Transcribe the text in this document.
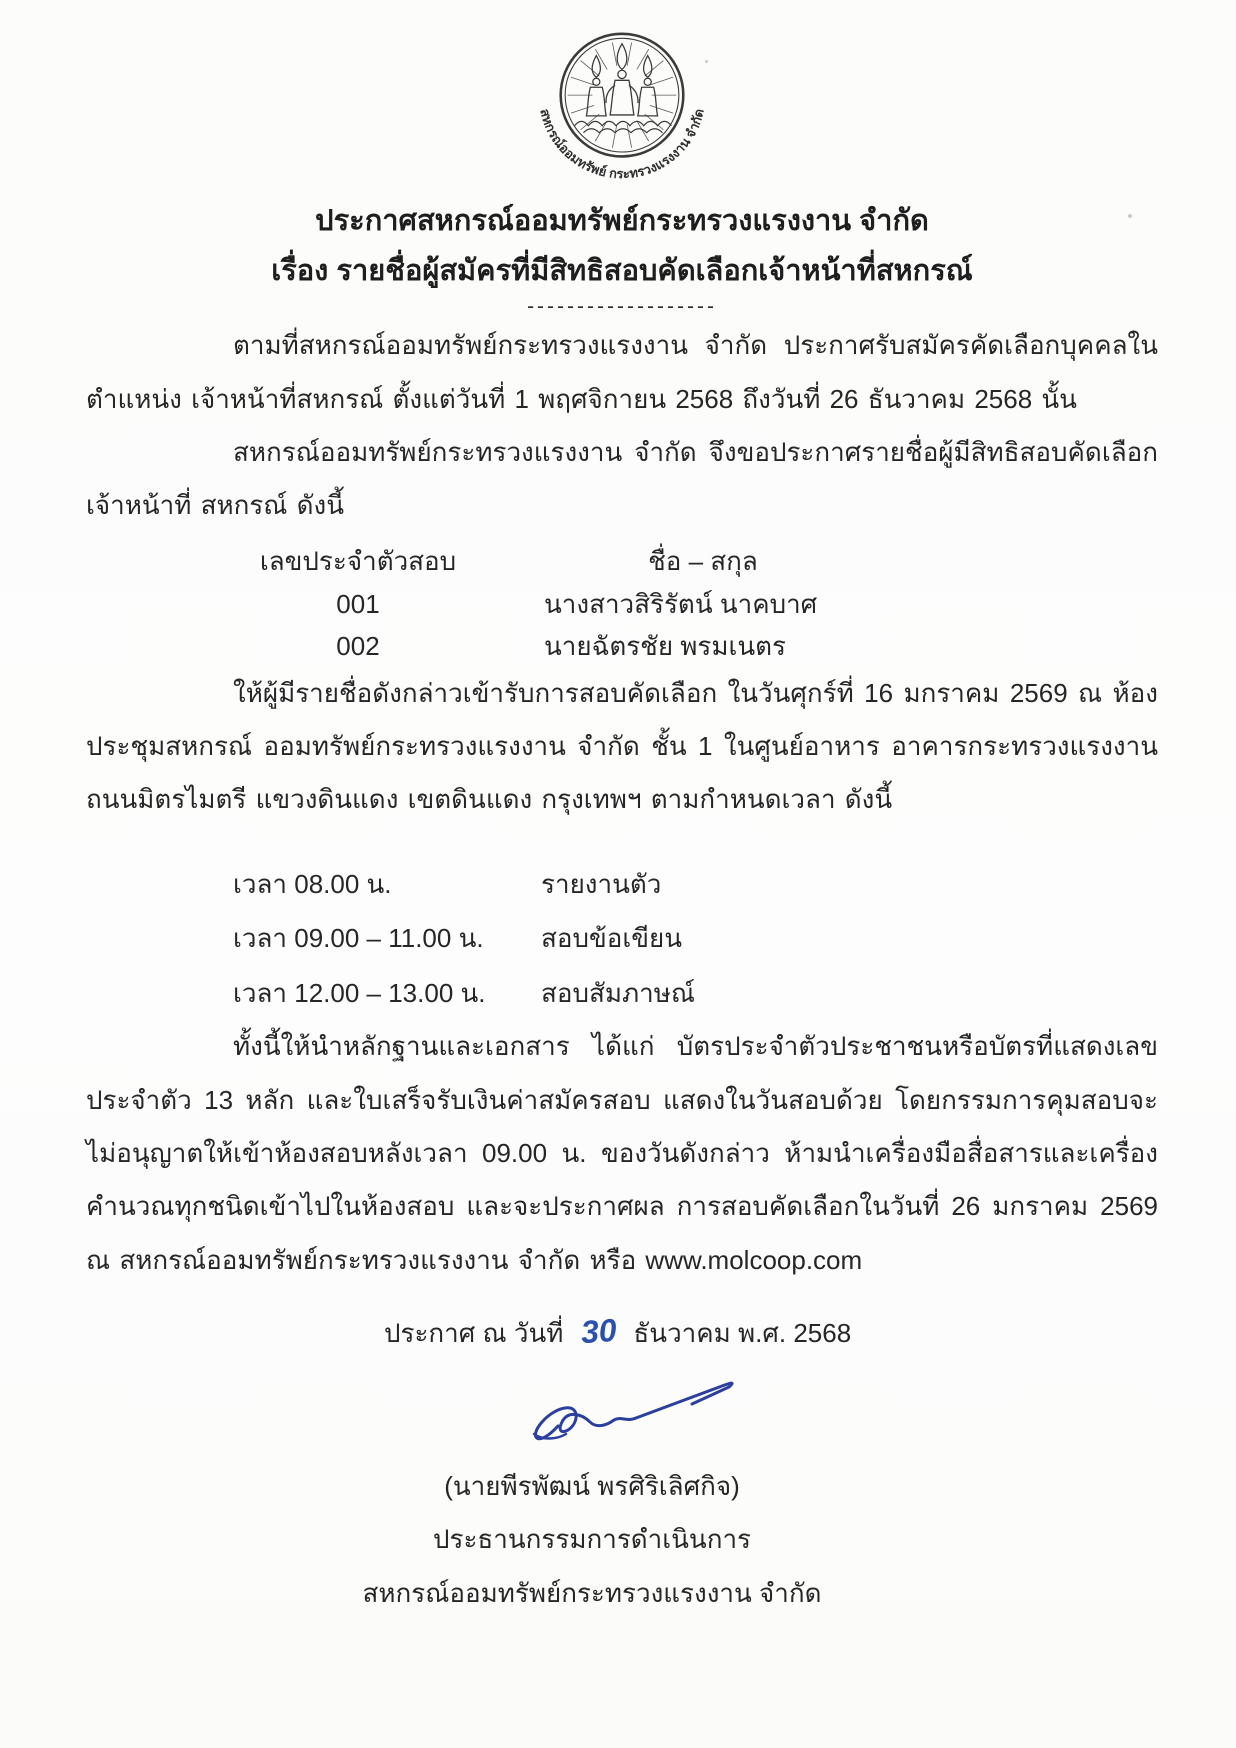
สหกรณ์ออมทรัพย์ กระทรวงแรงงาน จำกัด
ประกาศสหกรณ์ออมทรัพย์กระทรวงแรงงาน จำกัด
เรื่อง รายชื่อผู้สมัครที่มีสิทธิสอบคัดเลือกเจ้าหน้าที่สหกรณ์
-------------------

ตามที่สหกรณ์ออมทรัพย์กระทรวงแรงงาน จำกัด ประกาศรับสมัครคัดเลือกบุคคลในตำแหน่ง เจ้าหน้าที่สหกรณ์ ตั้งแต่วันที่ 1 พฤศจิกายน 2568 ถึงวันที่ 26 ธันวาคม 2568 นั้น

สหกรณ์ออมทรัพย์กระทรวงแรงงาน จำกัด จึงขอประกาศรายชื่อผู้มีสิทธิสอบคัดเลือกเจ้าหน้าที่ สหกรณ์ ดังนี้

เลขประจำตัวสอบ	ชื่อ – สกุล
001	นางสาวสิริรัตน์ นาคบาศ
002	นายฉัตรชัย พรมเนตร

ให้ผู้มีรายชื่อดังกล่าวเข้ารับการสอบคัดเลือก ในวันศุกร์ที่ 16 มกราคม 2569 ณ ห้องประชุมสหกรณ์ ออมทรัพย์กระทรวงแรงงาน จำกัด ชั้น 1 ในศูนย์อาหาร อาคารกระทรวงแรงงาน ถนนมิตรไมตรี แขวงดินแดง เขตดินแดง กรุงเทพฯ ตามกำหนดเวลา ดังนี้

เวลา 08.00 น.	รายงานตัว
เวลา 09.00 – 11.00 น.	สอบข้อเขียน
เวลา 12.00 – 13.00 น.	สอบสัมภาษณ์

ทั้งนี้ให้นำหลักฐานและเอกสาร ได้แก่ บัตรประจำตัวประชาชนหรือบัตรที่แสดงเลขประจำตัว 13 หลัก และใบเสร็จรับเงินค่าสมัครสอบ แสดงในวันสอบด้วย โดยกรรมการคุมสอบจะไม่อนุญาตให้เข้าห้องสอบหลังเวลา 09.00 น. ของวันดังกล่าว ห้ามนำเครื่องมือสื่อสารและเครื่องคำนวณทุกชนิดเข้าไปในห้องสอบ และจะประกาศผล การสอบคัดเลือกในวันที่ 26 มกราคม 2569 ณ สหกรณ์ออมทรัพย์กระทรวงแรงงาน จำกัด หรือ www.molcoop.com

ประกาศ ณ วันที่ 30 ธันวาคม พ.ศ. 2568
(นายพีรพัฒน์ พรศิริเลิศกิจ)
ประธานกรรมการดำเนินการ
สหกรณ์ออมทรัพย์กระทรวงแรงงาน จำกัด
